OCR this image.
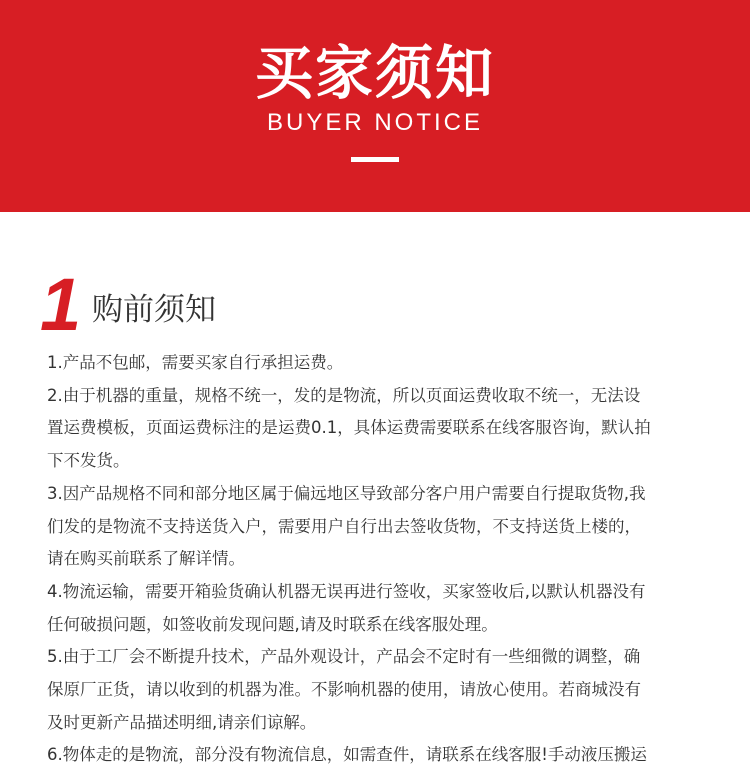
买家须知
BUYER NOTICE
1 购前须知

1.产品不包邮，需要买家自行承担运费。

2.由于机器的重量，规格不统一，发的是物流，所以页面运费收取不统一，无法设
置运费模板，页面运费标注的是运费0.1，具体运费需要联系在线客服咨询，默认拍
下不发货。

3.因产品规格不同和部分地区属于偏远地区导致部分客户用户需要自行提取货物,我
们发的是物流不支持送货入户，需要用户自行出去签收货物，不支持送货上楼的，
请在购买前联系了解详情。

4.物流运输，需要开箱验货确认机器无误再进行签收，买家签收后,以默认机器没有
任何破损问题，如签收前发现问题,请及时联系在线客服处理。

5.由于工厂会不断提升技术，产品外观设计，产品会不定时有一些细微的调整，确
保原厂正货，请以收到的机器为准。不影响机器的使用，请放心使用。若商城没有
及时更新产品描述明细,请亲们谅解。

6.物体走的是物流，部分没有物流信息，如需查件，请联系在线客服!手动液压搬运
